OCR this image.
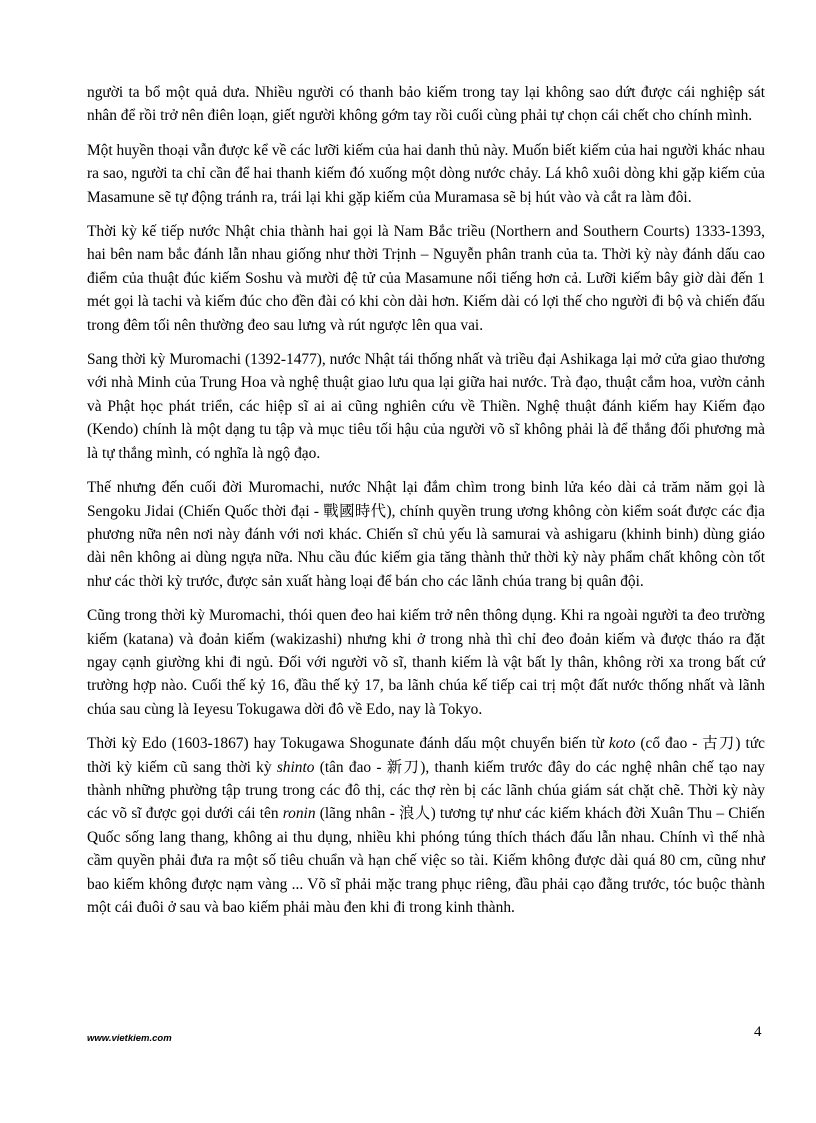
người ta bổ một quả dưa. Nhiều người có thanh bảo kiếm trong tay lại không sao dứt được cái nghiệp sát nhân để rồi trở nên điên loạn, giết người không gớm tay rồi cuối cùng phải tự chọn cái chết cho chính mình.

Một huyền thoại vẫn được kể về các lưỡi kiếm của hai danh thủ này. Muốn biết kiếm của hai người khác nhau ra sao, người ta chỉ cần để hai thanh kiếm đó xuống một dòng nước chảy. Lá khô xuôi dòng khi gặp kiếm của Masamune sẽ tự động tránh ra, trái lại khi gặp kiếm của Muramasa sẽ bị hút vào và cắt ra làm đôi.

Thời kỳ kế tiếp nước Nhật chia thành hai gọi là Nam Bắc triều (Northern and Southern Courts) 1333-1393, hai bên nam bắc đánh lẫn nhau giống như thời Trịnh – Nguyễn phân tranh của ta. Thời kỳ này đánh dấu cao điểm của thuật đúc kiếm Soshu và mười đệ tử của Masamune nổi tiếng hơn cả. Lưỡi kiếm bây giờ dài đến 1 mét gọi là tachi và kiếm đúc cho đền đài có khi còn dài hơn. Kiếm dài có lợi thế cho người đi bộ và chiến đấu trong đêm tối nên thường đeo sau lưng và rút ngược lên qua vai.

Sang thời kỳ Muromachi (1392-1477), nước Nhật tái thống nhất và triều đại Ashikaga lại mở cửa giao thương với nhà Minh của Trung Hoa và nghệ thuật giao lưu qua lại giữa hai nước. Trà đạo, thuật cắm hoa, vườn cảnh và Phật học phát triển, các hiệp sĩ ai ai cũng nghiên cứu về Thiền. Nghệ thuật đánh kiếm hay Kiếm đạo (Kendo) chính là một dạng tu tập và mục tiêu tối hậu của người võ sĩ không phải là để thắng đối phương mà là tự thắng mình, có nghĩa là ngộ đạo.

Thế nhưng đến cuối đời Muromachi, nước Nhật lại đắm chìm trong binh lửa kéo dài cả trăm năm gọi là Sengoku Jidai (Chiến Quốc thời đại - 戰國時代), chính quyền trung ương không còn kiểm soát được các địa phương nữa nên nơi này đánh với nơi khác. Chiến sĩ chủ yếu là samurai và ashigaru (khinh binh) dùng giáo dài nên không ai dùng ngựa nữa. Nhu cầu đúc kiếm gia tăng thành thử thời kỳ này phẩm chất không còn tốt như các thời kỳ trước, được sản xuất hàng loại để bán cho các lãnh chúa trang bị quân đội.

Cũng trong thời kỳ Muromachi, thói quen đeo hai kiếm trở nên thông dụng. Khi ra ngoài người ta đeo trường kiếm (katana) và đoản kiếm (wakizashi) nhưng khi ở trong nhà thì chỉ đeo đoản kiếm và được tháo ra đặt ngay cạnh giường khi đi ngủ. Đối với người võ sĩ, thanh kiếm là vật bất ly thân, không rời xa trong bất cứ trường hợp nào. Cuối thế kỷ 16, đầu thế kỷ 17, ba lãnh chúa kế tiếp cai trị một đất nước thống nhất và lãnh chúa sau cùng là Ieyesu Tokugawa dời đô về Edo, nay là Tokyo.

Thời kỳ Edo (1603-1867) hay Tokugawa Shogunate đánh dấu một chuyển biến từ koto (cổ đao - 古刀) tức thời kỳ kiếm cũ sang thời kỳ shinto (tân đao - 新刀), thanh kiếm trước đây do các nghệ nhân chế tạo nay thành những phường tập trung trong các đô thị, các thợ rèn bị các lãnh chúa giám sát chặt chẽ. Thời kỳ này các võ sĩ được gọi dưới cái tên ronin (lãng nhân - 浪人) tương tự như các kiếm khách đời Xuân Thu – Chiến Quốc sống lang thang, không ai thu dụng, nhiều khi phóng túng thích thách đấu lẫn nhau. Chính vì thế nhà cầm quyền phải đưa ra một số tiêu chuẩn và hạn chế việc so tài. Kiếm không được dài quá 80 cm, cũng như bao kiếm không được nạm vàng ... Võ sĩ phải mặc trang phục riêng, đầu phải cạo đằng trước, tóc buộc thành một cái đuôi ở sau và bao kiếm phải màu đen khi đi trong kinh thành.

www.vietkiem.com	4
